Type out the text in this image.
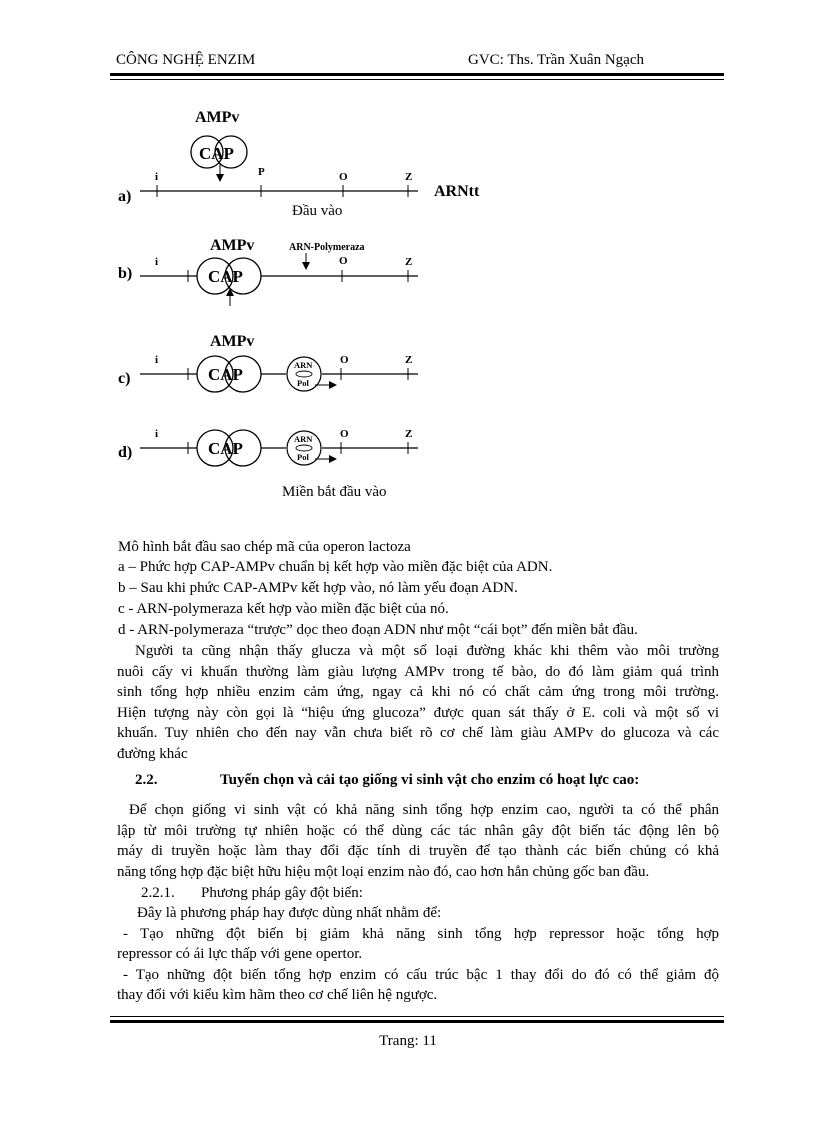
CÔNG NGHỆ ENZIM	GVC: Ths. Trần Xuân Ngạch
AMPv
CAP
i	P	O	Z
ARNtt
a)
Đầu vào
AMPv	ARN-Polymeraza
CAP
i	O	Z
b)
AMPv
CAP	ARN
Pol
i	O	Z
c)
CAP	ARN
Pol
i	O	Z
d)
Miền bắt đầu vào
Mô hình bắt đầu sao chép mã của operon lactoza
a – Phức hợp CAP-AMPv chuẩn bị kết hợp vào miền đặc biệt của ADN.
b – Sau khi phức CAP-AMPv kết hợp vào, nó làm yếu đoạn ADN.
c - ARN-polymeraza kết hợp vào miền đặc biệt của nó.
d - ARN-polymeraza “trược” dọc theo đoạn ADN như một “cái bọt” đến miền bắt đầu.
Người ta cũng nhận thấy glucza và một số loại đường khác khi thêm vào môi trường
nuôi cấy vi khuẩn thường làm giàu lượng AMPv trong tế bào, do đó làm giảm quá trình
sinh tổng hợp nhiều enzim cảm ứng, ngay cả khi nó có chất cảm ứng trong môi trường.
Hiện tượng này còn gọi là “hiệu ứng glucoza” được quan sát thấy ở E. coli và một số vi
khuẩn. Tuy nhiên cho đến nay vẫn chưa biết rõ cơ chế làm giàu AMPv do glucoza và các
đường khác
2.2.	Tuyển chọn và cải tạo giống vi sinh vật cho enzim có hoạt lực cao:
Để chọn giống vi sinh vật có khả năng sinh tổng hợp enzim cao, người ta có thể phân
lập từ môi trường tự nhiên hoặc có thể dùng các tác nhân gây đột biến tác động lên bộ
máy di truyền hoặc làm thay đổi đặc tính di truyền để tạo thành các biến chủng có khả
năng tổng hợp đặc biệt hữu hiệu một loại enzim nào đó, cao hơn hẳn chủng gốc ban đầu.
2.2.1.       Phương pháp gây đột biến:
Đây là phương pháp hay được dùng nhất nhằm để:
- Tạo những đột biến bị giảm khả năng sinh tổng hợp repressor hoặc tổng hợp
repressor có ái lực thấp với gene opertor.
- Tạo những đột biến tổng hợp enzim có cấu trúc bậc 1 thay đổi do đó có thể giảm độ
thay đổi với kiểu kìm hãm theo cơ chế liên hệ ngược.
Trang: 11
